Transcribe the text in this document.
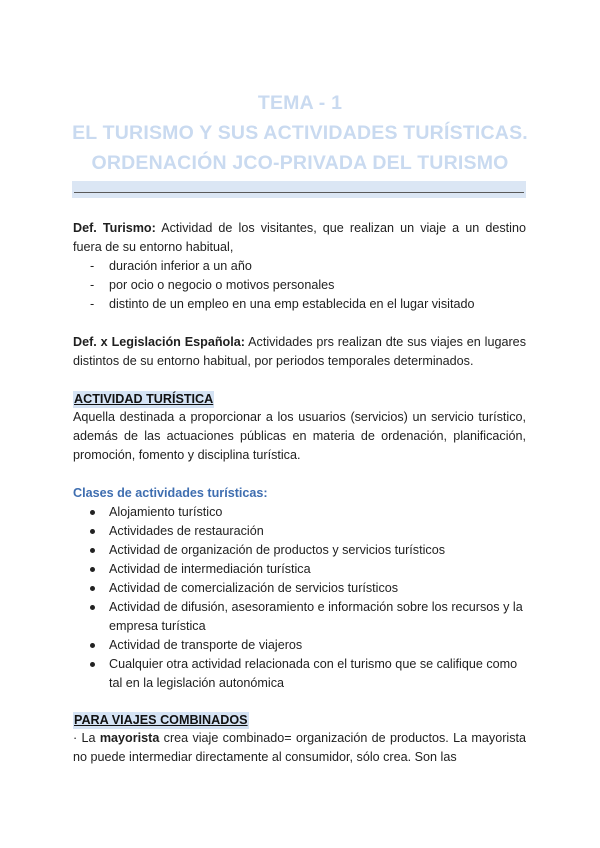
TEMA - 1
EL TURISMO Y SUS ACTIVIDADES TURÍSTICAS.
ORDENACIÓN JCO-PRIVADA DEL TURISMO

Def. Turismo: Actividad de los visitantes, que realizan un viaje a un destino fuera de su entorno habitual,

- duración inferior a un año
- por ocio o negocio o motivos personales
- distinto de un empleo en una emp establecida en el lugar visitado

Def. x Legislación Española: Actividades prs realizan dte sus viajes en lugares distintos de su entorno habitual, por periodos temporales determinados.

ACTIVIDAD TURÍSTICA

Aquella destinada a proporcionar a los usuarios (servicios) un servicio turístico, además de las actuaciones públicas en materia de ordenación, planificación, promoción, fomento y disciplina turística.

Clases de actividades turísticas:
Alojamiento turístico
Actividades de restauración
Actividad de organización de productos y servicios turísticos
Actividad de intermediación turística
Actividad de comercialización de servicios turísticos
Actividad de difusión, asesoramiento e información sobre los recursos y la empresa turística
Actividad de transporte de viajeros
Cualquier otra actividad relacionada con el turismo que se califique como tal en la legislación autonómica
PARA VIAJES COMBINADOS

· La mayorista crea viaje combinado= organización de productos. La mayorista no puede intermediar directamente al consumidor, sólo crea. Son las
